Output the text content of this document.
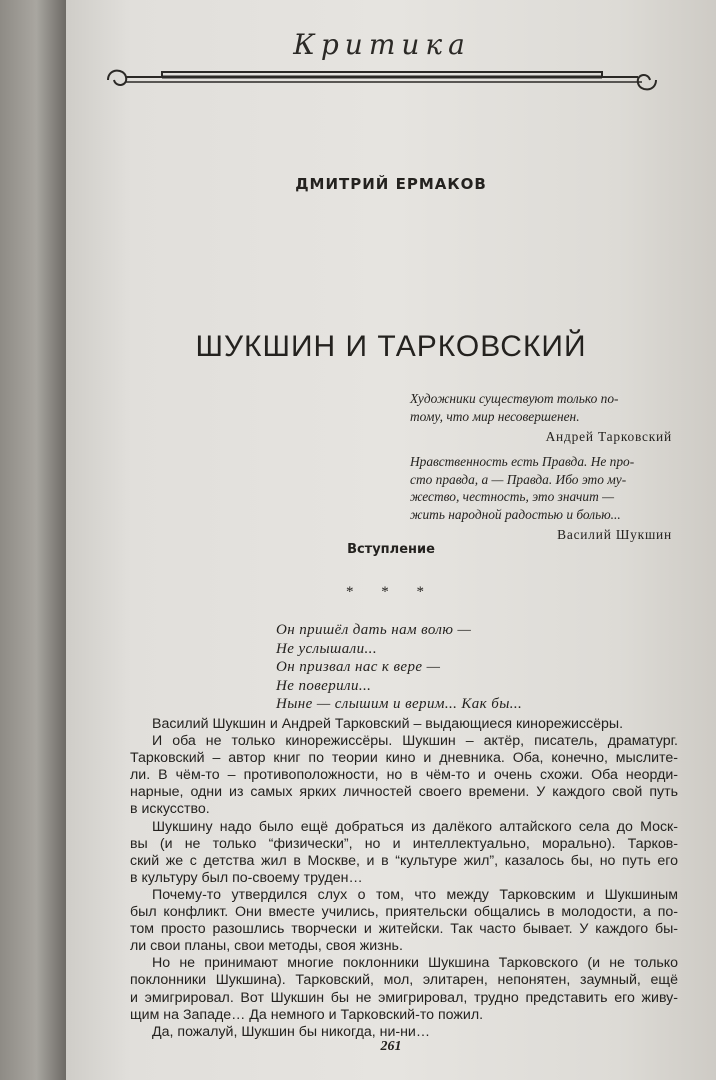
Критика
ДМИТРИЙ ЕРМАКОВ
ШУКШИН И ТАРКОВСКИЙ
Художники существуют только по-
тому, что мир несовершенен.
Андрей Тарковский
Нравственность есть Правда. Не про-
сто правда, а — Правда. Ибо это му-
жество, честность, это значит —
жить народной радостью и болью...
Василий Шукшин
Вступление
* * *
Он пришёл дать нам волю —
Не услышали...
Он призвал нас к вере —
Не поверили...
Ныне — слышим и верим... Как бы...
Василий Шукшин и Андрей Тарковский – выдающиеся кинорежиссёры.
И оба не только кинорежиссёры. Шукшин – актёр, писатель, драматург.
Тарковский – автор книг по теории кино и дневника. Оба, конечно, мыслите-
ли. В чём-то – противоположности, но в чём-то и очень схожи. Оба неорди-
нарные, одни из самых ярких личностей своего времени. У каждого свой путь
в искусство.
Шукшину надо было ещё добраться из далёкого алтайского села до Моск-
вы (и не только “физически”, но и интеллектуально, морально). Тарков-
ский же с детства жил в Москве, и в “культуре жил”, казалось бы, но путь его
в культуру был по-своему труден…
Почему-то утвердился слух о том, что между Тарковским и Шукшиным
был конфликт. Они вместе учились, приятельски общались в молодости, а по-
том просто разошлись творчески и житейски. Так часто бывает. У каждого бы-
ли свои планы, свои методы, своя жизнь.
Но не принимают многие поклонники Шукшина Тарковского (и не только
поклонники Шукшина). Тарковский, мол, элитарен, непонятен, заумный, ещё
и эмигрировал. Вот Шукшин бы не эмигрировал, трудно представить его живу-
щим на Западе… Да немного и Тарковский-то пожил.
Да, пожалуй, Шукшин бы никогда, ни-ни…
261
